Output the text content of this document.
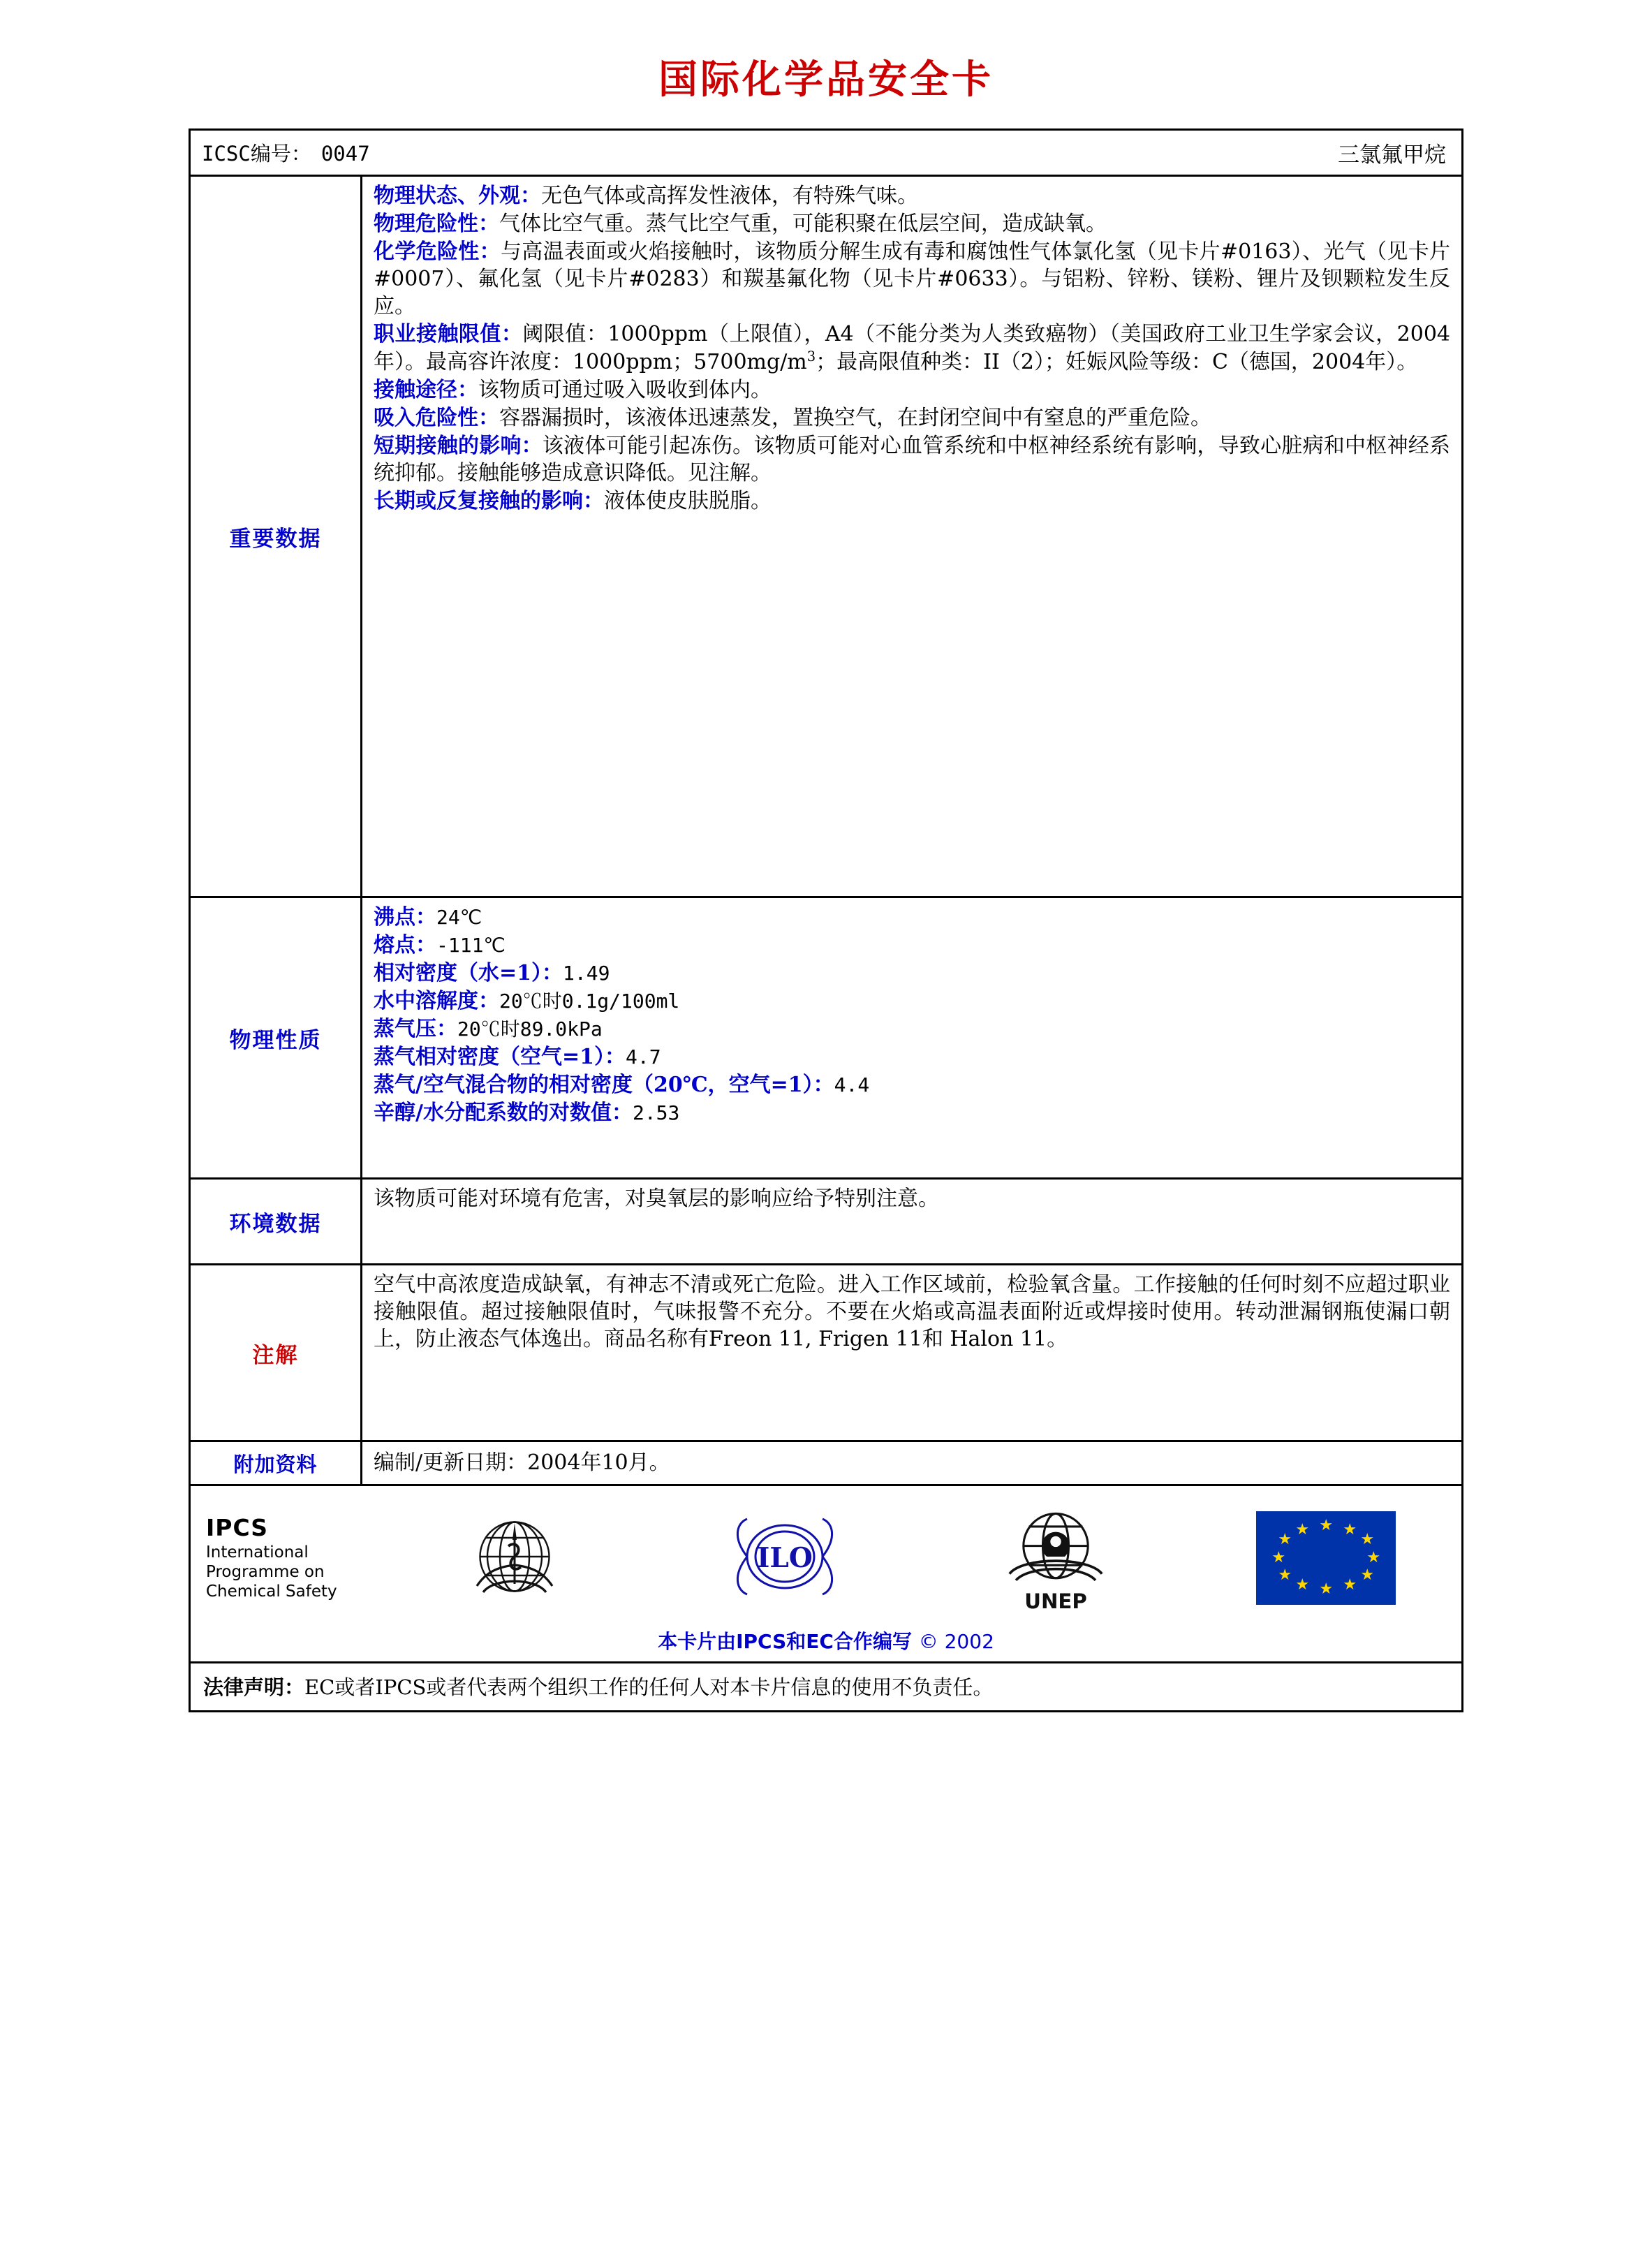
国际化学品安全卡
ICSC编号： 0047	三氯氟甲烷
重要数据

物理状态、外观：无色气体或高挥发性液体，有特殊气味。

物理危险性：气体比空气重。蒸气比空气重，可能积聚在低层空间，造成缺氧。

化学危险性：与高温表面或火焰接触时，该物质分解生成有毒和腐蚀性气体氯化氢（见卡片#0163）、光气（见卡片#0007）、氟化氢（见卡片#0283）和羰基氟化物（见卡片#0633）。与铝粉、锌粉、镁粉、锂片及钡颗粒发生反应。

职业接触限值：阈限值：1000ppm（上限值），A4（不能分类为人类致癌物）（美国政府工业卫生学家会议，2004年）。最高容许浓度：1000ppm；$5700mg/m^3$；最高限值种类：II（2）；妊娠风险等级：C（德国，2004年）。

接触途径：该物质可通过吸入吸收到体内。

吸入危险性：容器漏损时，该液体迅速蒸发，置换空气，在封闭空间中有窒息的严重危险。

短期接触的影响：该液体可能引起冻伤。该物质可能对心血管系统和中枢神经系统有影响，导致心脏病和中枢神经系统抑郁。接触能够造成意识降低。见注解。

长期或反复接触的影响：液体使皮肤脱脂。

物理性质

沸点：24℃

熔点：-111℃

相对密度（水=1）：1.49

水中溶解度：20℃时0.1g/100ml

蒸气压：20℃时89.0kPa

蒸气相对密度（空气=1）：4.7

蒸气/空气混合物的相对密度（20℃，空气=1）：4.4

辛醇/水分配系数的对数值：2.53

环境数据

该物质可能对环境有危害，对臭氧层的影响应给予特别注意。

注解

空气中高浓度造成缺氧，有神志不清或死亡危险。进入工作区域前，检验氧含量。工作接触的任何时刻不应超过职业接触限值。超过接触限值时，气味报警不充分。不要在火焰或高温表面附近或焊接时使用。转动泄漏钢瓶使漏口朝上，防止液态气体逸出。商品名称有Freon 11, Frigen 11和 Halon 11。

附加资料	编制/更新日期：2004年10月。

IPCS
International
Programme on
Chemical Safety
ILO
UNEP
★ ★
★
★
★
★
★
★
★
★
★
★
本卡片由IPCS和EC合作编写 © 2002
法律声明：EC或者IPCS或者代表两个组织工作的任何人对本卡片信息的使用不负责任。
